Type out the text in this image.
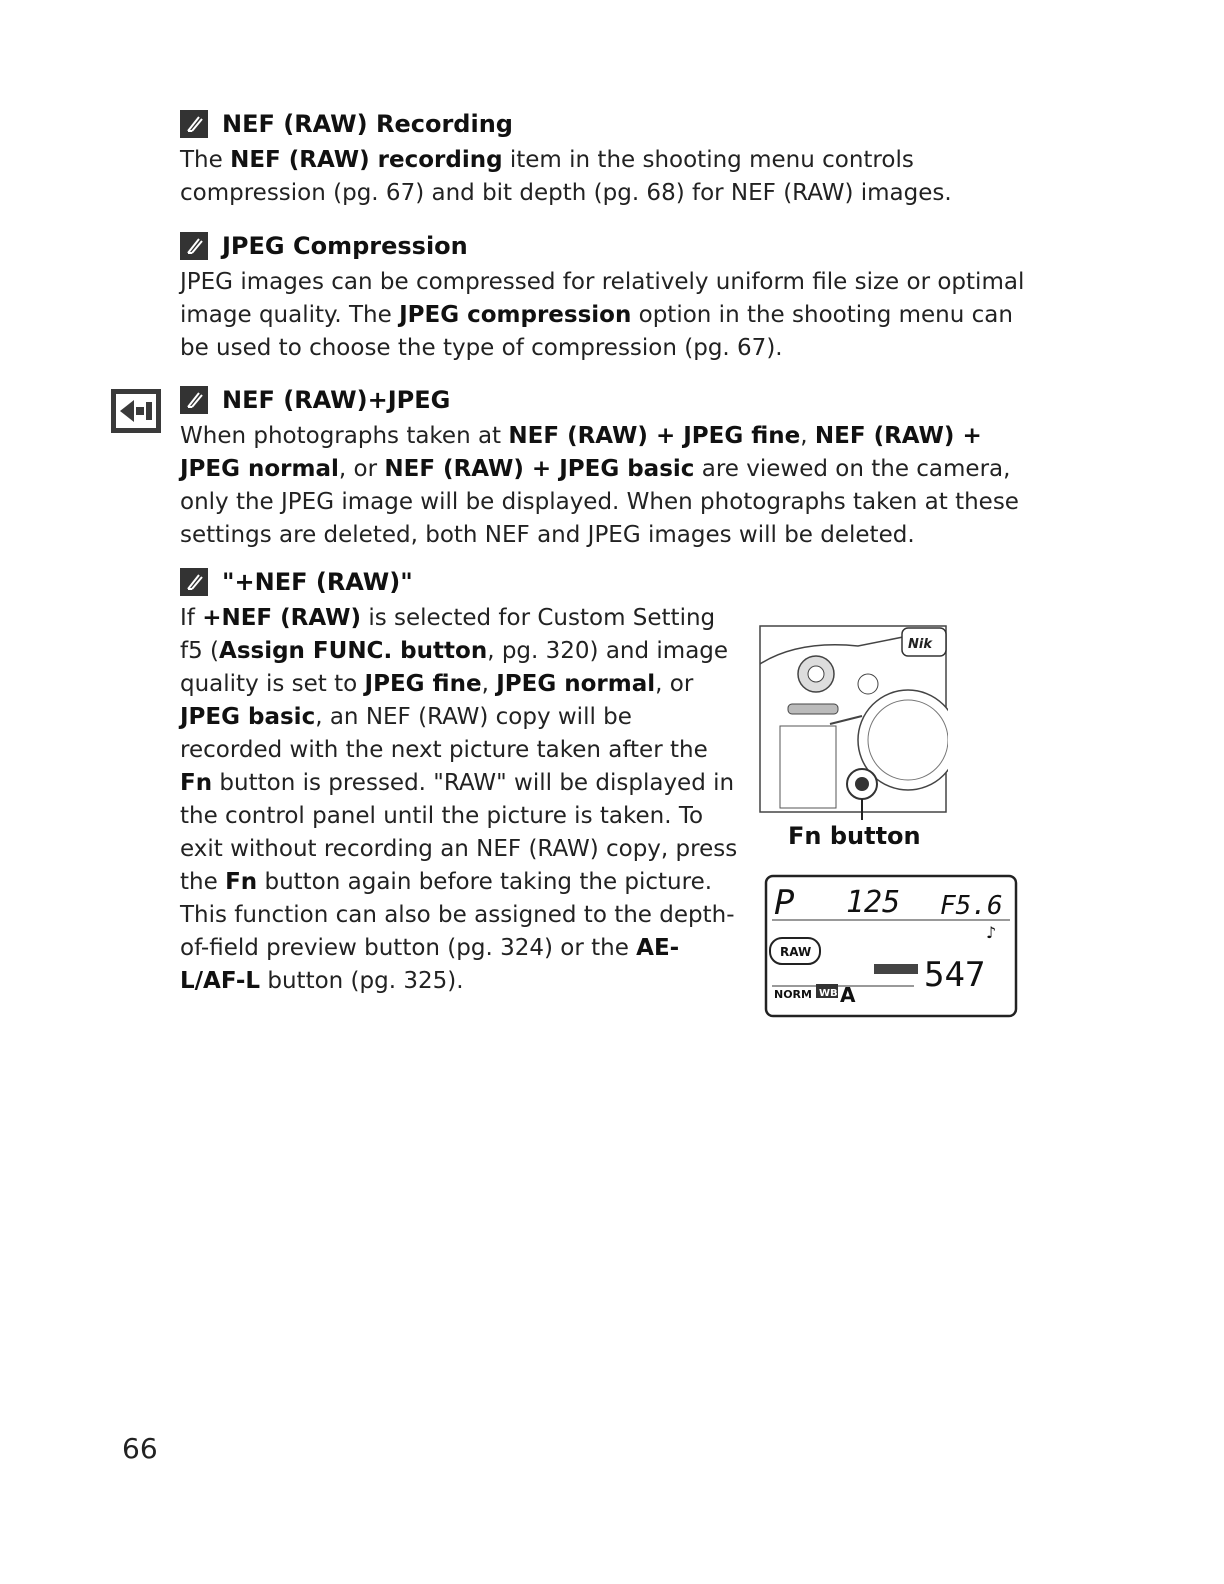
NEF (RAW) Recording

The NEF (RAW) recording item in the shooting menu controls compression (pg. 67) and bit depth (pg. 68) for NEF (RAW) images.

JPEG Compression

JPEG images can be compressed for relatively uniform file size or optimal image quality. The JPEG compression option in the shooting menu can be used to choose the type of compression (pg. 67).

NEF (RAW)+JPEG

When photographs taken at NEF (RAW) + JPEG fine, NEF (RAW) + JPEG normal, or NEF (RAW) + JPEG basic are viewed on the camera, only the JPEG image will be displayed. When photographs taken at these settings are deleted, both NEF and JPEG images will be deleted.

"+NEF (RAW)"

If +NEF (RAW) is selected for Custom Setting f5 (Assign FUNC. button, pg. 320) and image quality is set to JPEG fine, JPEG normal, or JPEG basic, an NEF (RAW) copy will be recorded with the next picture taken after the Fn button is pressed. "RAW" will be displayed in the control panel until the picture is taken. To exit without recording an NEF (RAW) copy, press the Fn button again before taking the picture. This function can also be assigned to the depth-of-field preview button (pg. 324) or the AE-L/AF-L button (pg. 325).

Nik
Fn button
P 125 F5.6
♪
RAW
547
NORM WB A
66
